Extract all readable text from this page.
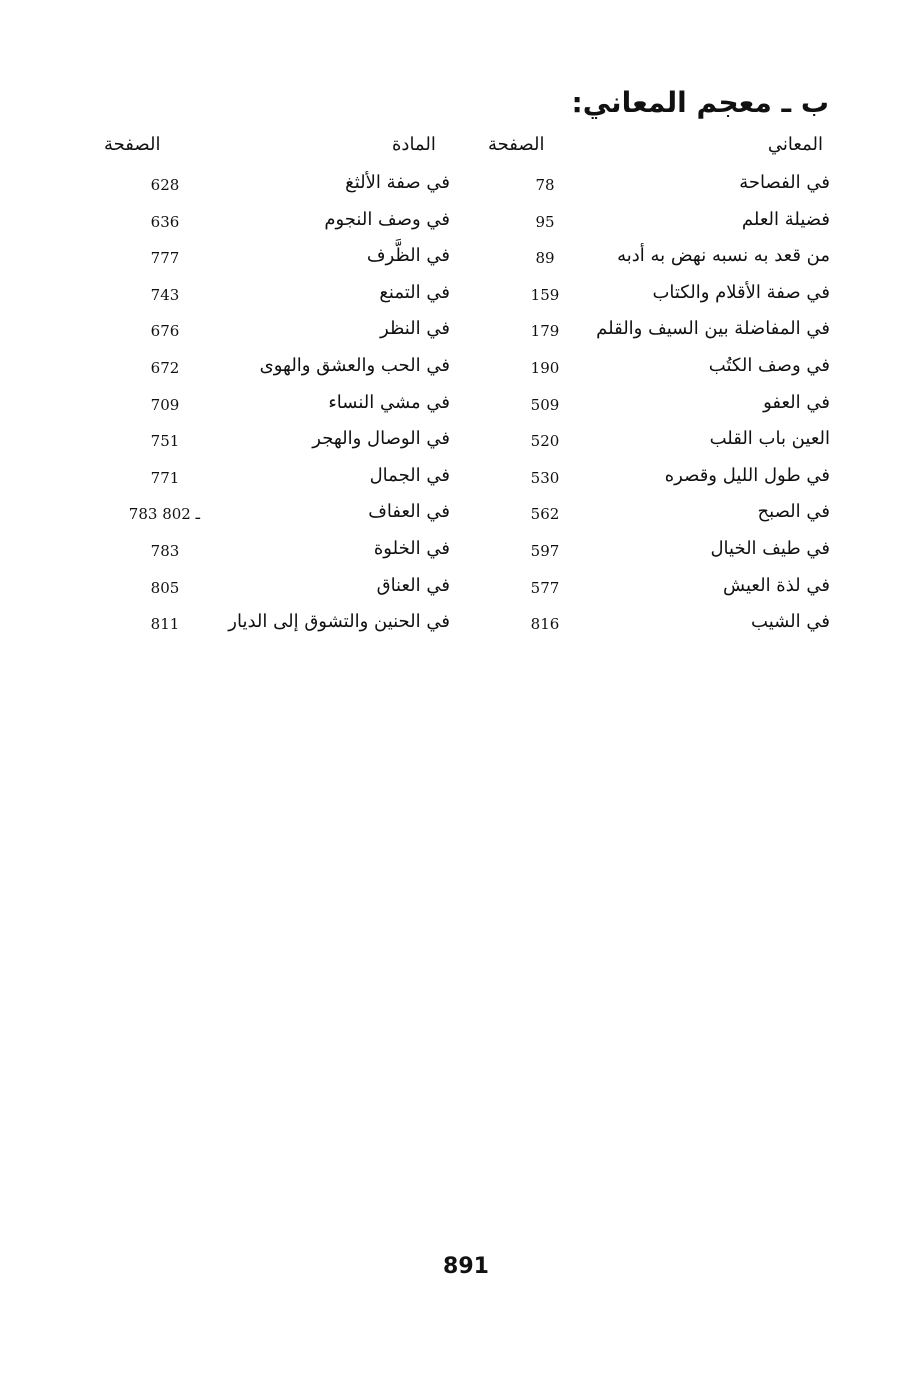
ب ـ معجم المعاني:
المعاني
الصفحة
المادة
الصفحة
في الفصاحة
78
فضيلة العلم
95
من قعد به نسبه نهض به أدبه
89
في صفة الأقلام والكتاب
159
في المفاضلة بين السيف والقلم
179
في وصف الكتُب
190
في العفو
509
العين باب القلب
520
في طول الليل وقصره
530
في الصبح
562
في طيف الخيال
597
في لذة العيش
577
في الشيب
816
في صفة الألثغ
628
في وصف النجوم
636
في الظَّرف
777
في التمنع
743
في النظر
676
في الحب والعشق والهوى
672
في مشي النساء
709
في الوصال والهجر
751
في الجمال
771
في العفاف
783 ـ 802
في الخلوة
783
في العناق
805
في الحنين والتشوق إلى الديار
811
891
